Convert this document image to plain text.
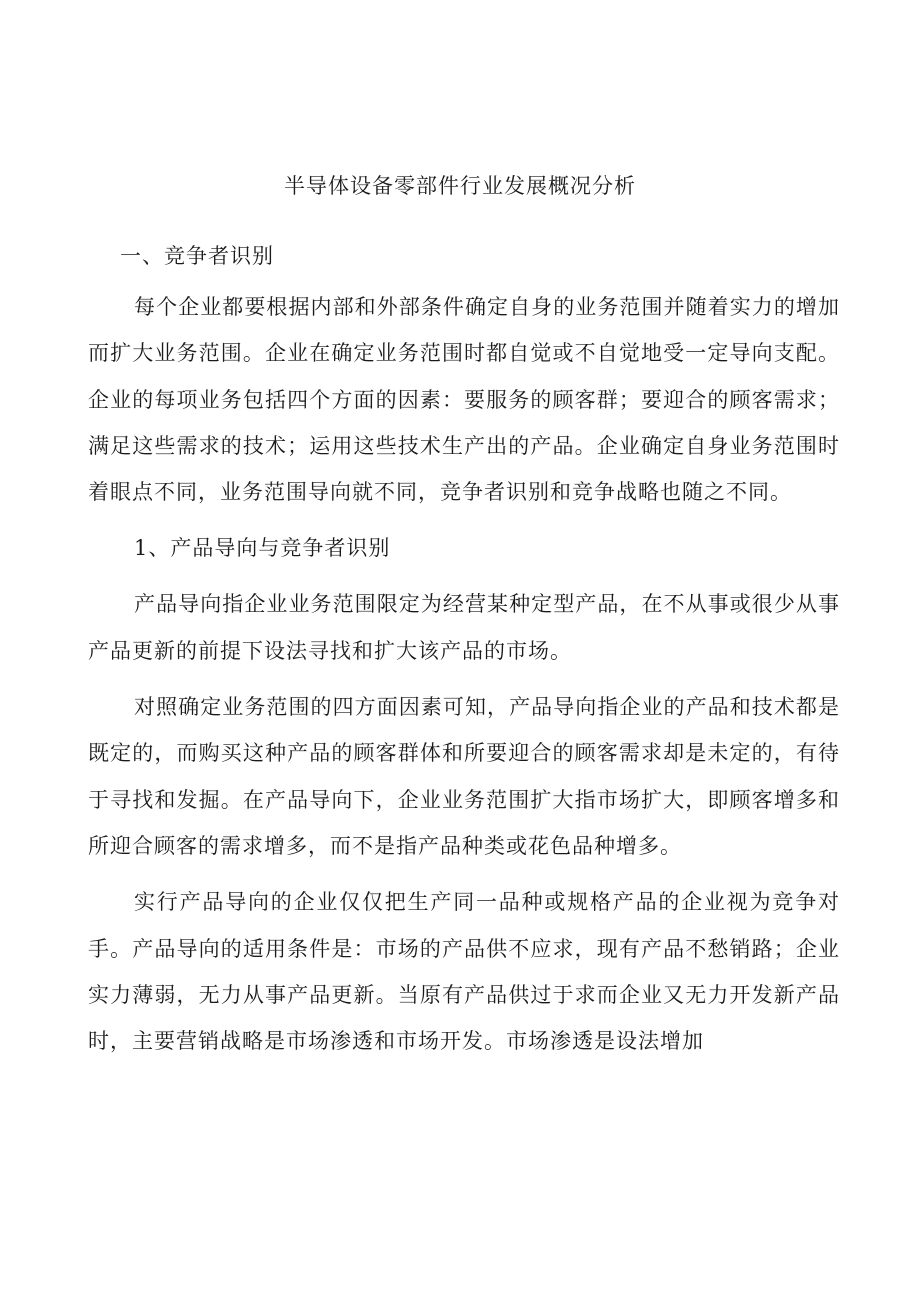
半导体设备零部件行业发展概况分析

一、竞争者识别

每个企业都要根据内部和外部条件确定自身的业务范围并随着实力的增加而扩大业务范围。企业在确定业务范围时都自觉或不自觉地受一定导向支配。企业的每项业务包括四个方面的因素：要服务的顾客群；要迎合的顾客需求；满足这些需求的技术；运用这些技术生产出的产品。企业确定自身业务范围时着眼点不同，业务范围导向就不同，竞争者识别和竞争战略也随之不同。

1、产品导向与竞争者识别

产品导向指企业业务范围限定为经营某种定型产品，在不从事或很少从事产品更新的前提下设法寻找和扩大该产品的市场。

对照确定业务范围的四方面因素可知，产品导向指企业的产品和技术都是既定的，而购买这种产品的顾客群体和所要迎合的顾客需求却是未定的，有待于寻找和发掘。在产品导向下，企业业务范围扩大指市场扩大，即顾客增多和所迎合顾客的需求增多，而不是指产品种类或花色品种增多。

实行产品导向的企业仅仅把生产同一品种或规格产品的企业视为竞争对手。产品导向的适用条件是：市场的产品供不应求，现有产品不愁销路；企业实力薄弱，无力从事产品更新。当原有产品供过于求而企业又无力开发新产品时，主要营销战略是市场渗透和市场开发。市场渗透是设法增加
